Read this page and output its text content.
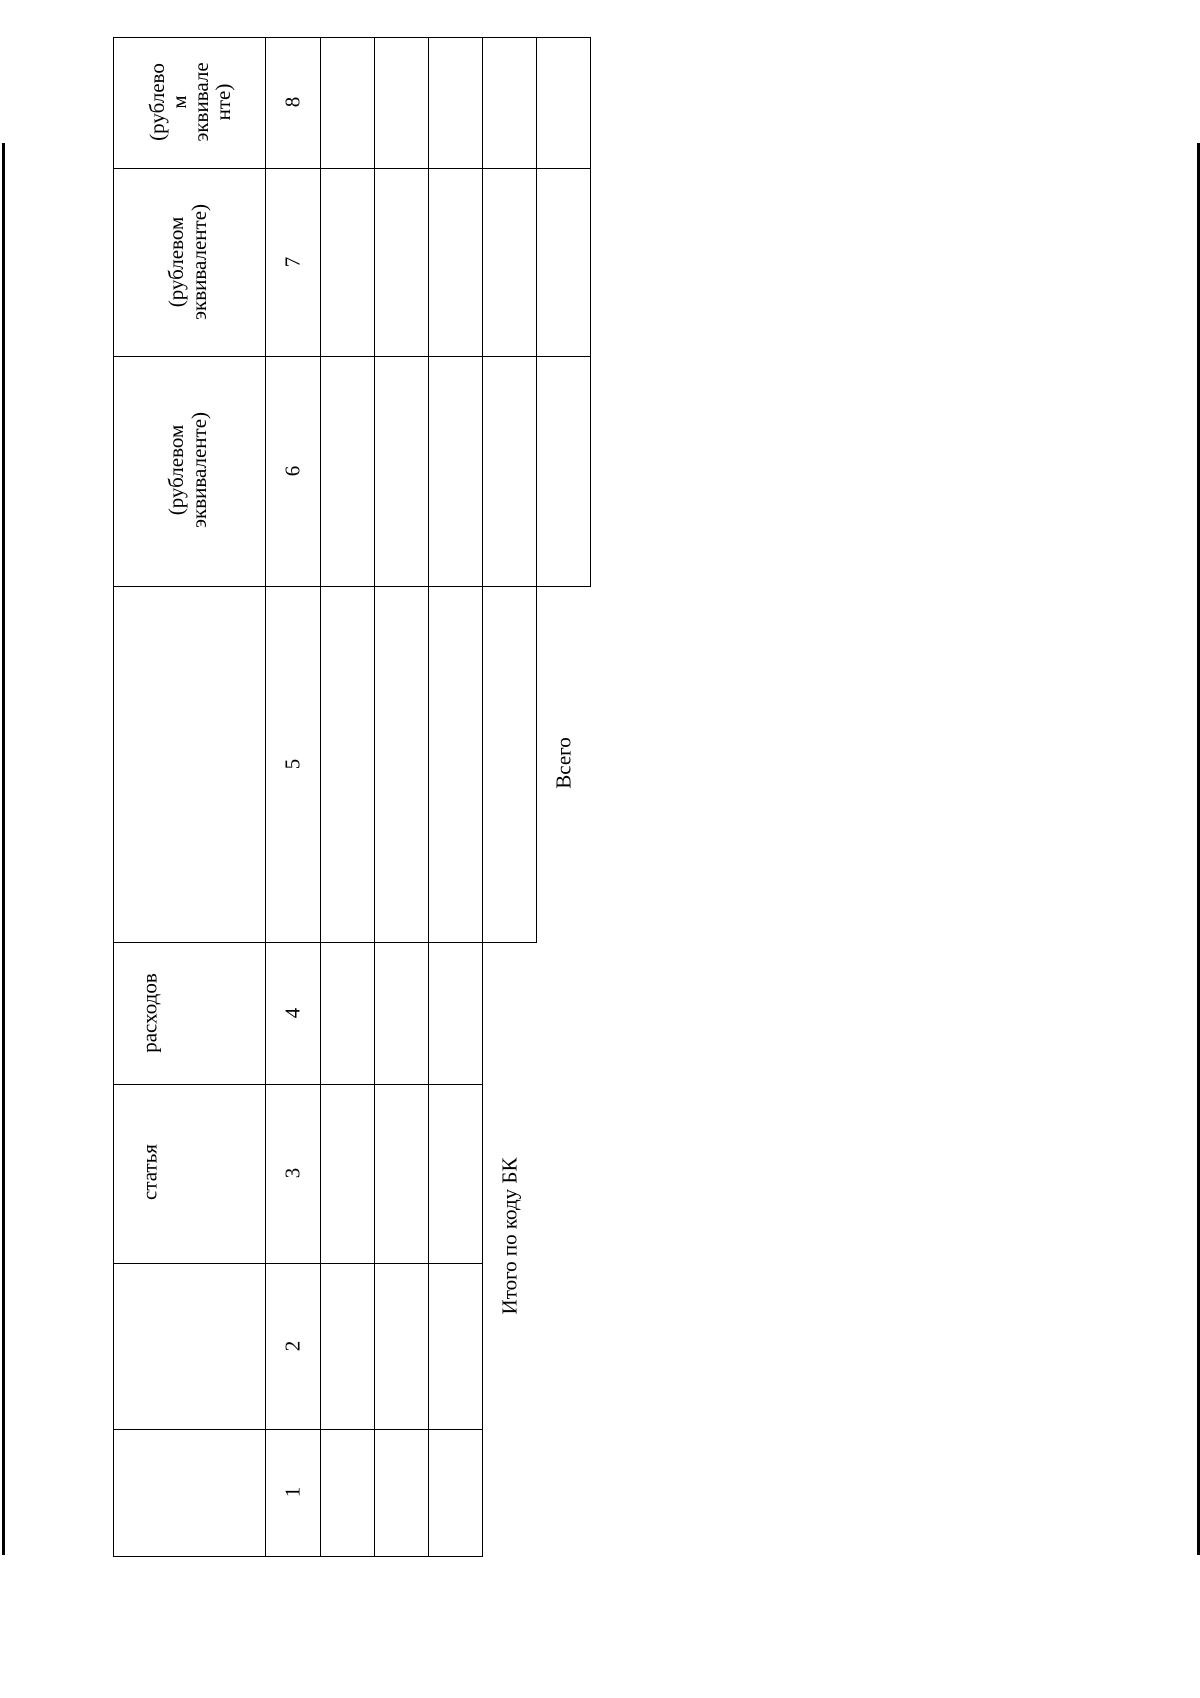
статья
расходов
(рублевом
эквиваленте)
(рублевом
эквиваленте)
(рублево
м
эквивале
нте)
1
2
3
4
5
6
7
8
Итого по коду БК
Всего
